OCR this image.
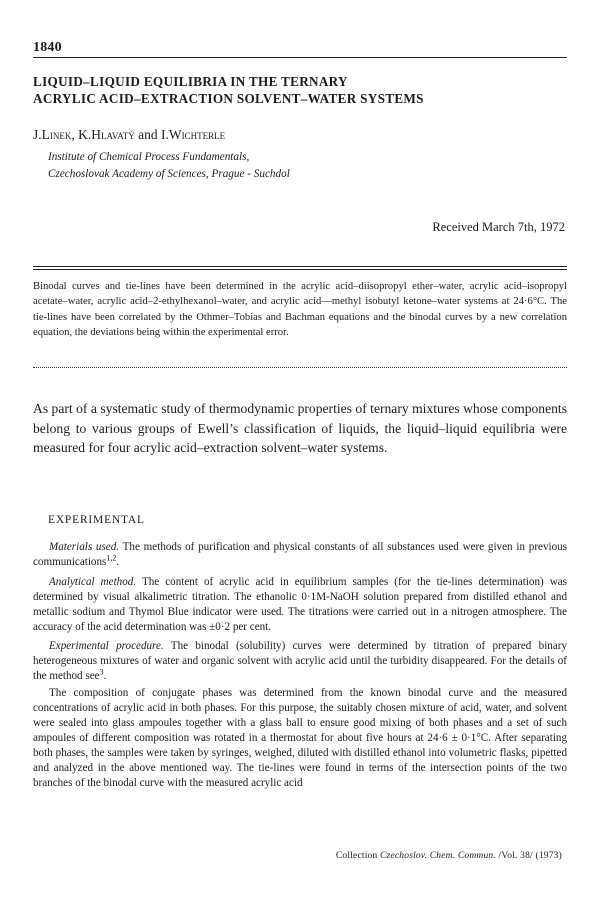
1840
LIQUID–LIQUID EQUILIBRIA IN THE TERNARY
ACRYLIC ACID–EXTRACTION SOLVENT–WATER SYSTEMS
J.Linek, K.Hlavatý and I.Wichterle
Institute of Chemical Process Fundamentals,
Czechoslovak Academy of Sciences, Prague - Suchdol
Received March 7th, 1972
Binodal curves and tie-lines have been determined in the acrylic acid–diisopropyl ether–water, acrylic acid–isopropyl acetate–water, acrylic acid–2-ethylhexanol–water, and acrylic acid––methyl isobutyl ketone–water systems at 24·6°C. The tie-lines have been correlated by the Othmer–Tobias and Bachman equations and the binodal curves by a new correlation equation, the deviations being within the experimental error.
As part of a systematic study of thermodynamic properties of ternary mixtures whose components belong to various groups of Ewell’s classification of liquids, the liquid–liquid equilibria were measured for four acrylic acid–extraction solvent–water systems.
EXPERIMENTAL

Materials used. The methods of purification and physical constants of all substances used were given in previous communications$^{1,2}$.

Analytical method. The content of acrylic acid in equilibrium samples (for the tie-lines determination) was determined by visual alkalimetric titration. The ethanolic 0·1M-NaOH solution prepared from distilled ethanol and metallic sodium and Thymol Blue indicator were used. The titrations were carried out in a nitrogen atmosphere. The accuracy of the acid determination was ±0·2 per cent.

Experimental procedure. The binodal (solubility) curves were determined by titration of prepared binary heterogeneous mixtures of water and organic solvent with acrylic acid until the turbidity disappeared. For the details of the method see$^3$.

The composition of conjugate phases was determined from the known binodal curve and the measured concentrations of acrylic acid in both phases. For this purpose, the suitably chosen mixture of acid, water, and solvent were sealed into glass ampoules together with a glass ball to ensure good mixing of both phases and a set of such ampoules of different composition was rotated in a thermostat for about five hours at 24·6 ± 0·1°C. After separating both phases, the samples were taken by syringes, weighed, diluted with distilled ethanol into volumetric flasks, pipetted and analyzed in the above mentioned way. The tie-lines were found in terms of the intersection points of the two branches of the binodal curve with the measured acrylic acid

Collection Czechoslov. Chem. Commun. /Vol. 38/ (1973)
